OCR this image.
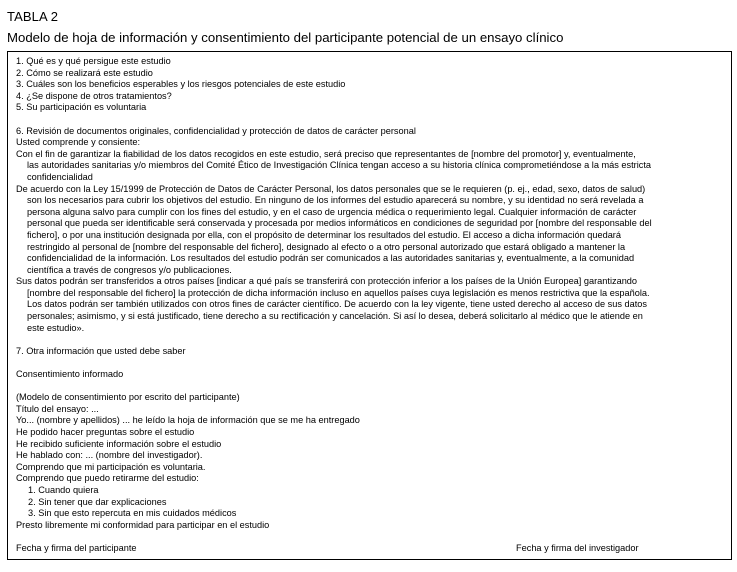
TABLA 2
Modelo de hoja de información y consentimiento del participante potencial de un ensayo clínico
1. Qué es y qué persigue este estudio
2. Cómo se realizará este estudio
3. Cuáles son los beneficios esperables y los riesgos potenciales de este estudio
4. ¿Se dispone de otros tratamientos?
5. Su participación es voluntaria
6. Revisión de documentos originales, confidencialidad y protección de datos de carácter personal
Usted comprende y consiente:
Con el fin de garantizar la fiabilidad de los datos recogidos en este estudio, será preciso que representantes de [nombre del promotor] y, eventualmente,
las autoridades sanitarias y/o miembros del Comité Ético de Investigación Clínica tengan acceso a su historia clínica comprometiéndose a la más estricta
confidencialidad
De acuerdo con la Ley 15/1999 de Protección de Datos de Carácter Personal, los datos personales que se le requieren (p. ej., edad, sexo, datos de salud)
son los necesarios para cubrir los objetivos del estudio. En ninguno de los informes del estudio aparecerá su nombre, y su identidad no será revelada a
persona alguna salvo para cumplir con los fines del estudio, y en el caso de urgencia médica o requerimiento legal. Cualquier información de carácter
personal que pueda ser identificable será conservada y procesada por medios informáticos en condiciones de seguridad por [nombre del responsable del
fichero], o por una institución designada por ella, con el propósito de determinar los resultados del estudio. El acceso a dicha información quedará
restringido al personal de [nombre del responsable del fichero], designado al efecto o a otro personal autorizado que estará obligado a mantener la
confidencialidad de la información. Los resultados del estudio podrán ser comunicados a las autoridades sanitarias y, eventualmente, a la comunidad
científica a través de congresos y/o publicaciones.
Sus datos podrán ser transferidos a otros países [indicar a qué país se transferirá con protección inferior a los países de la Unión Europea] garantizando
[nombre del responsable del fichero] la protección de dicha información incluso en aquellos países cuya legislación es menos restrictiva que la española.
Los datos podrán ser también utilizados con otros fines de carácter científico. De acuerdo con la ley vigente, tiene usted derecho al acceso de sus datos
personales; asimismo, y si está justificado, tiene derecho a su rectificación y cancelación. Si así lo desea, deberá solicitarlo al médico que le atiende en
este estudio».
7. Otra información que usted debe saber
Consentimiento informado
(Modelo de consentimiento por escrito del participante)
Título del ensayo: ...
Yo... (nombre y apellidos) ... he leído la hoja de información que se me ha entregado
He podido hacer preguntas sobre el estudio
He recibido suficiente información sobre el estudio
He hablado con: ... (nombre del investigador).
Comprendo que mi participación es voluntaria.
Comprendo que puedo retirarme del estudio:
1. Cuando quiera
2. Sin tener que dar explicaciones
3. Sin que esto repercuta en mis cuidados médicos
Presto libremente mi conformidad para participar en el estudio
Fecha y firma del participante	Fecha y firma del investigador
